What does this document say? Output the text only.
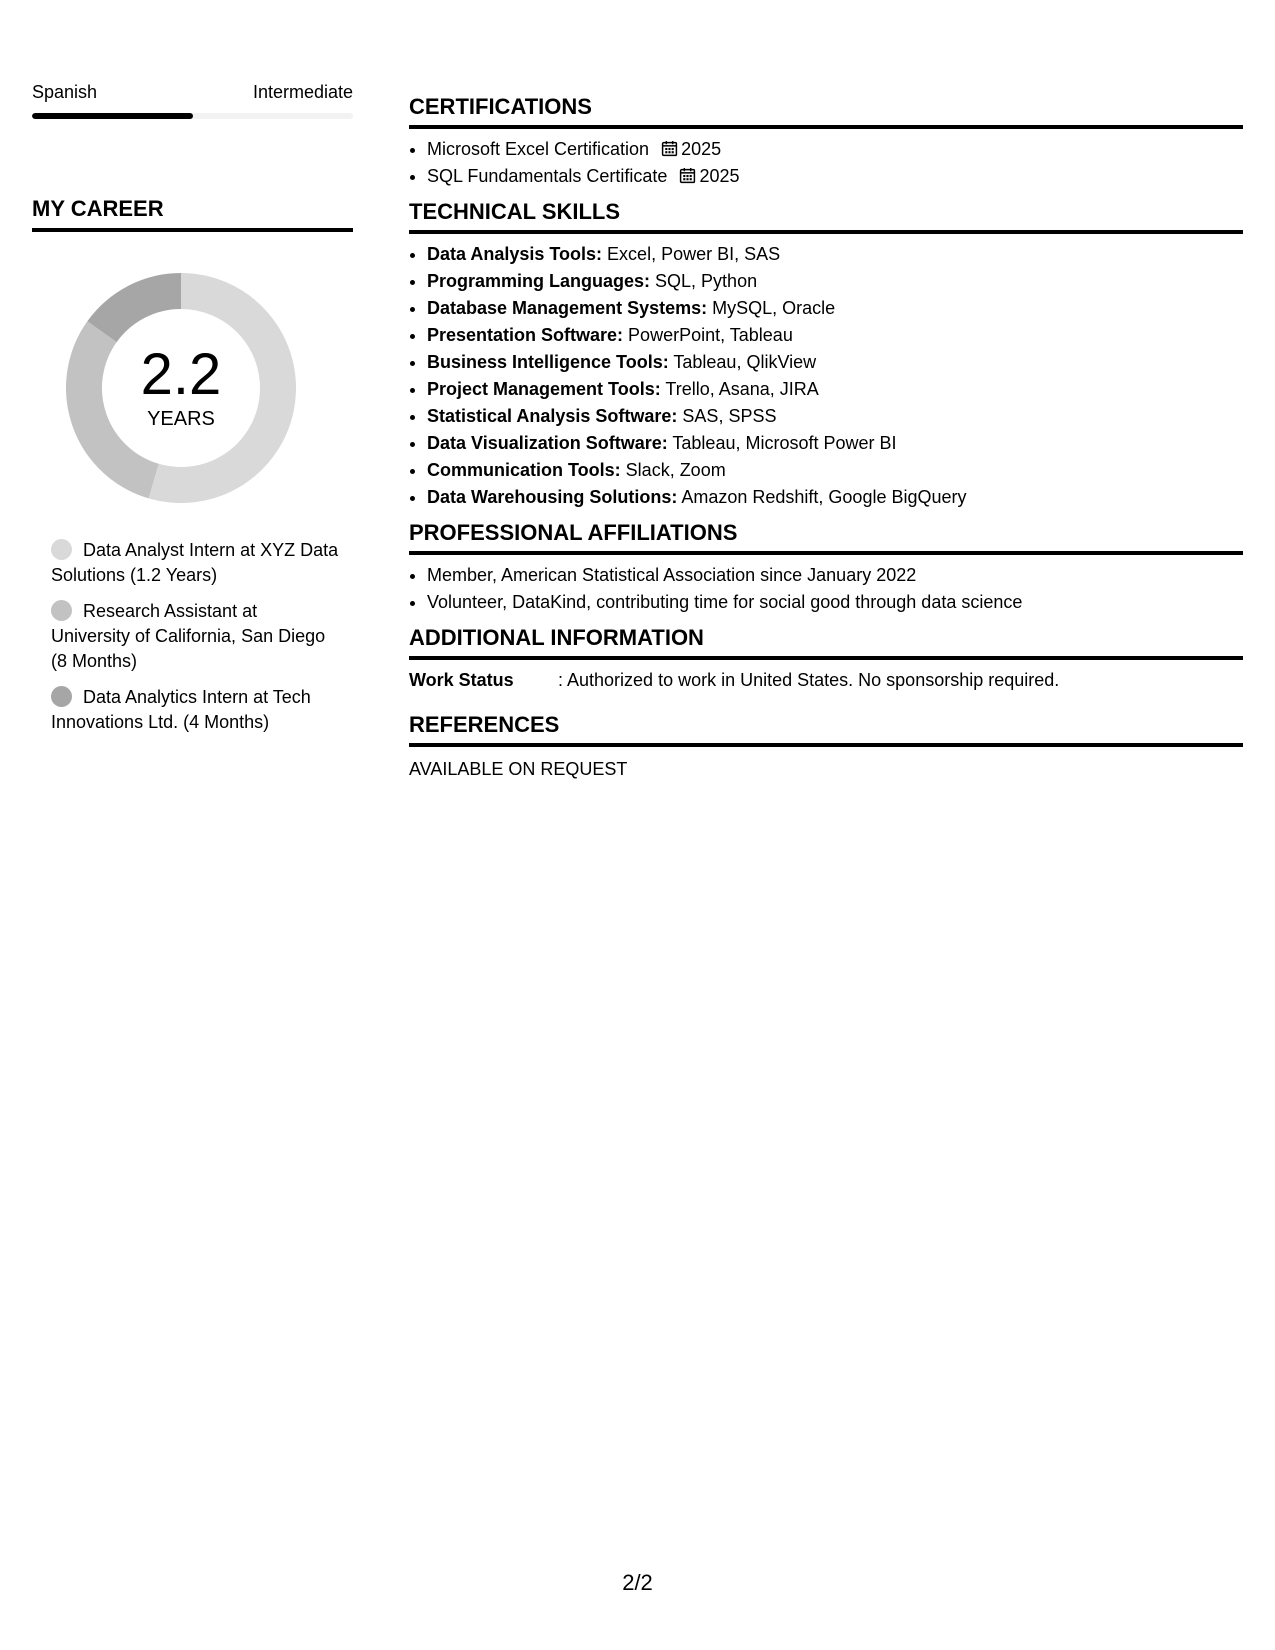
Spanish	Intermediate
MY CAREER
2.2
YEARS
Data Analyst Intern at XYZ Data Solutions (1.2 Years)
Research Assistant at University of California, San Diego (8 Months)
Data Analytics Intern at Tech Innovations Ltd. (4 Months)
CERTIFICATIONS
• Microsoft Excel Certification 2025
• SQL Fundamentals Certificate 2025
TECHNICAL SKILLS
• Data Analysis Tools: Excel, Power BI, SAS
• Programming Languages: SQL, Python
• Database Management Systems: MySQL, Oracle
• Presentation Software: PowerPoint, Tableau
• Business Intelligence Tools: Tableau, QlikView
• Project Management Tools: Trello, Asana, JIRA
• Statistical Analysis Software: SAS, SPSS
• Data Visualization Software: Tableau, Microsoft Power BI
• Communication Tools: Slack, Zoom
• Data Warehousing Solutions: Amazon Redshift, Google BigQuery
PROFESSIONAL AFFILIATIONS
• Member, American Statistical Association since January 2022
• Volunteer, DataKind, contributing time for social good through data science
ADDITIONAL INFORMATION
Work Status	: Authorized to work in United States. No sponsorship required.
REFERENCES
AVAILABLE ON REQUEST
2/2
